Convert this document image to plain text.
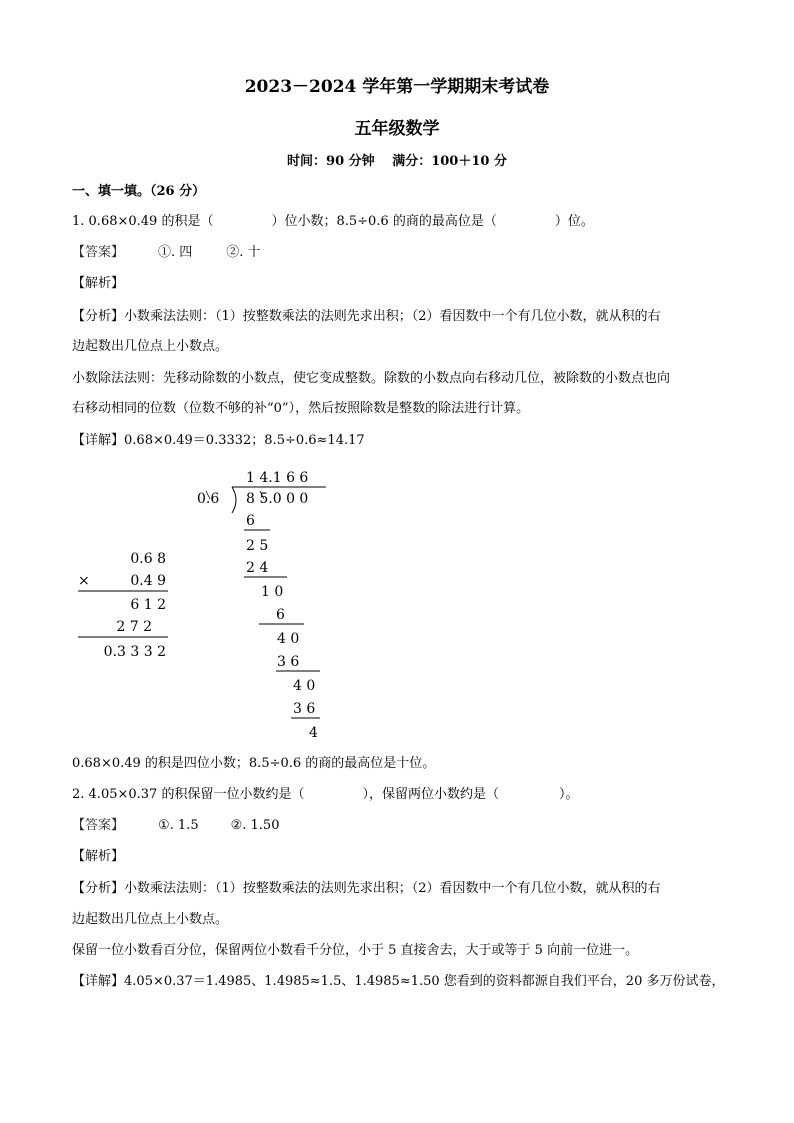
2023－2024 学年第一学期期末考试卷
五年级数学
时间：90 分钟　 满分：100＋10 分
一、填一填。（26 分）
1. 0.68×0.49 的积是（	）位小数；8.5÷0.6 的商的最高位是（	）位。
【答案】	①. 四	②. 十
【解析】
【分析】小数乘法法则：（1）按整数乘法的法则先求出积；（2）看因数中一个有几位小数，就从积的右
边起数出几位点上小数点。
小数除法法则：先移动除数的小数点，使它变成整数。除数的小数点向右移动几位，被除数的小数点也向
右移动相同的位数（位数不够的补“0”），然后按照除数是整数的除法进行计算。
【详解】0.68×0.49＝0.3332；8.5÷0.6≈14.17
0.6 8
×	0.4 9
6 1 2
2 7 2
0.3 3 3 2
1 4.1 6 6
0.6 8 5.0 0 0
6
2 5
2 4
1 0
6
4 0
3 6
4 0
3 6
4
0.68×0.49 的积是四位小数；8.5÷0.6 的商的最高位是十位。
2. 4.05×0.37 的积保留一位小数约是（	），保留两位小数约是（	）。
【答案】	①. 1.5 ②. 1.50
【解析】
【分析】小数乘法法则：（1）按整数乘法的法则先求出积；（2）看因数中一个有几位小数，就从积的右
边起数出几位点上小数点。
保留一位小数看百分位，保留两位小数看千分位，小于 5 直接舍去，大于或等于 5 向前一位进一。
【详解】4.05×0.37＝1.4985、1.4985≈1.5、1.4985≈1.50 您看到的资料都源自我们平台，20 多万份试卷，
